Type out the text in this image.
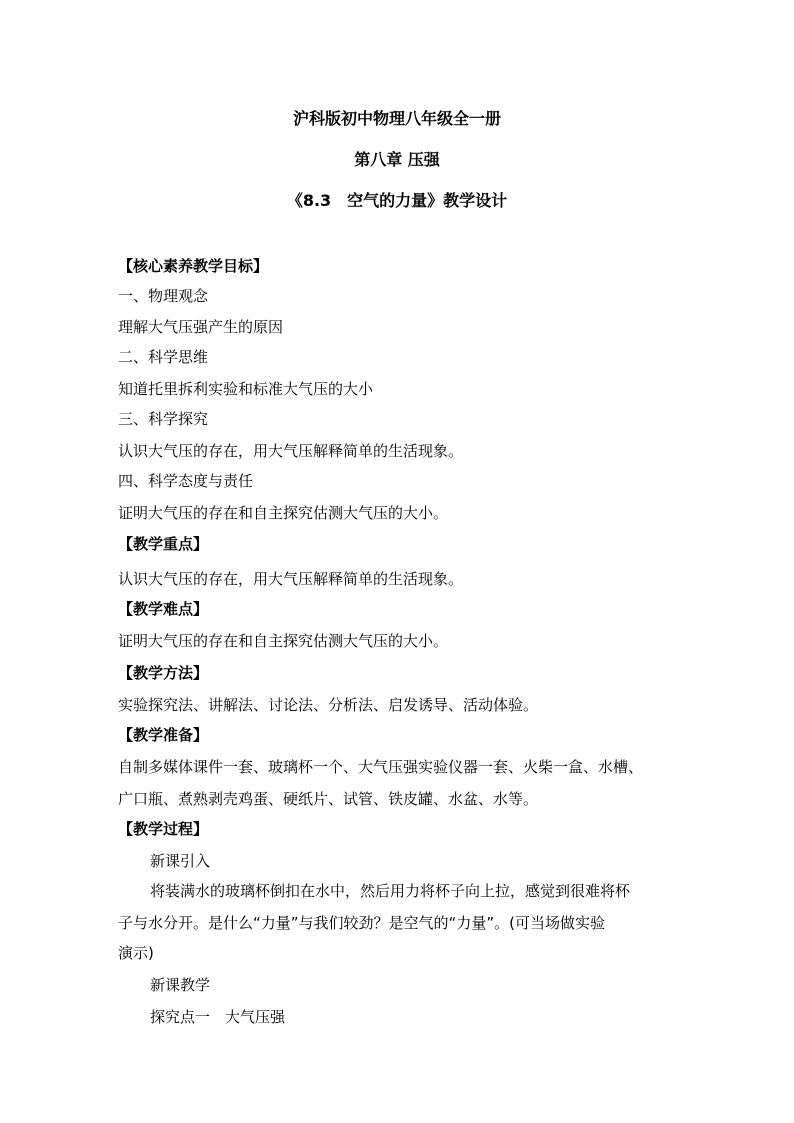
沪科版初中物理八年级全一册
第八章 压强
《8.3　空气的力量》教学设计
【核心素养教学目标】
一、物理观念
理解大气压强产生的原因
二、科学思维
知道托里拆利实验和标准大气压的大小
三、科学探究
认识大气压的存在，用大气压解释简单的生活现象。
四、科学态度与责任
证明大气压的存在和自主探究估测大气压的大小。
【教学重点】
认识大气压的存在，用大气压解释简单的生活现象。
【教学难点】
证明大气压的存在和自主探究估测大气压的大小。
【教学方法】
实验探究法、讲解法、讨论法、分析法、启发诱导、活动体验。
【教学准备】
自制多媒体课件一套、玻璃杯一个、大气压强实验仪器一套、火柴一盒、水槽、
广口瓶、煮熟剥壳鸡蛋、硬纸片、试管、铁皮罐、水盆、水等。
【教学过程】
新课引入
将装满水的玻璃杯倒扣在水中，然后用力将杯子向上拉，感觉到很难将杯
子与水分开。是什么“力量”与我们较劲？是空气的“力量”。(可当场做实验
演示)
新课教学
探究点一　大气压强
